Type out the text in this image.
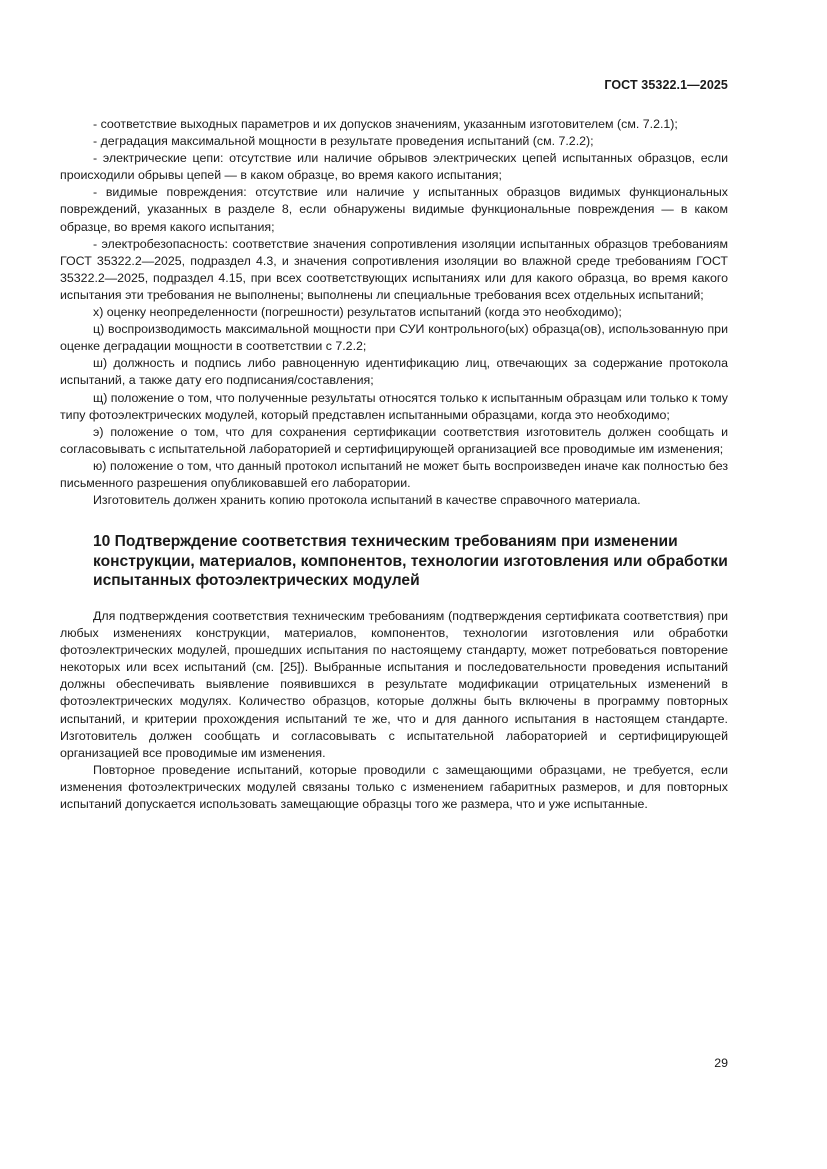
ГОСТ 35322.1—2025

- соответствие выходных параметров и их допусков значениям, указанным изготовителем (см. 7.2.1);

- деградация максимальной мощности в результате проведения испытаний (см. 7.2.2);

- электрические цепи: отсутствие или наличие обрывов электрических цепей испытанных образцов, если происходили обрывы цепей — в каком образце, во время какого испытания;

- видимые повреждения: отсутствие или наличие у испытанных образцов видимых функциональных повреждений, указанных в разделе 8, если обнаружены видимые функциональные повреждения — в каком образце, во время какого испытания;

- электробезопасность: соответствие значения сопротивления изоляции испытанных образцов требованиям ГОСТ 35322.2—2025, подраздел 4.3, и значения сопротивления изоляции во влажной среде требованиям ГОСТ 35322.2—2025, подраздел 4.15, при всех соответствующих испытаниях или для какого образца, во время какого испытания эти требования не выполнены; выполнены ли специальные требования всех отдельных испытаний;

х) оценку неопределенности (погрешности) результатов испытаний (когда это необходимо);

ц) воспроизводимость максимальной мощности при СУИ контрольного(ых) образца(ов), использованную при оценке деградации мощности в соответствии с 7.2.2;

ш) должность и подпись либо равноценную идентификацию лиц, отвечающих за содержание протокола испытаний, а также дату его подписания/составления;

щ) положение о том, что полученные результаты относятся только к испытанным образцам или только к тому типу фотоэлектрических модулей, который представлен испытанными образцами, когда это необходимо;

э) положение о том, что для сохранения сертификации соответствия изготовитель должен сообщать и согласовывать с испытательной лабораторией и сертифицирующей организацией все проводимые им изменения;

ю) положение о том, что данный протокол испытаний не может быть воспроизведен иначе как полностью без письменного разрешения опубликовавшей его лаборатории.

Изготовитель должен хранить копию протокола испытаний в качестве справочного материала.

10 Подтверждение соответствия техническим требованиям при изменении конструкции, материалов, компонентов, технологии изготовления или обработки испытанных фотоэлектрических модулей

Для подтверждения соответствия техническим требованиям (подтверждения сертификата соответствия) при любых изменениях конструкции, материалов, компонентов, технологии изготовления или обработки фотоэлектрических модулей, прошедших испытания по настоящему стандарту, может потребоваться повторение некоторых или всех испытаний (см. [25]). Выбранные испытания и последовательности проведения испытаний должны обеспечивать выявление появившихся в результате модификации отрицательных изменений в фотоэлектрических модулях. Количество образцов, которые должны быть включены в программу повторных испытаний, и критерии прохождения испытаний те же, что и для данного испытания в настоящем стандарте. Изготовитель должен сообщать и согласовывать с испытательной лабораторией и сертифицирующей организацией все проводимые им изменения.

Повторное проведение испытаний, которые проводили с замещающими образцами, не требуется, если изменения фотоэлектрических модулей связаны только с изменением габаритных размеров, и для повторных испытаний допускается использовать замещающие образцы того же размера, что и уже испытанные.

29
